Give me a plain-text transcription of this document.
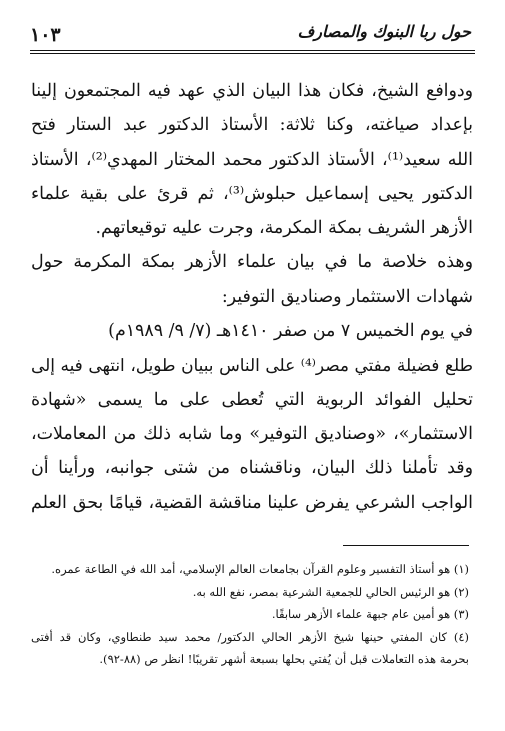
حول ربا البنوك والمصارف
١٠٣
ودوافع الشيخ، فكان هذا البيان الذي عهد فيه المجتمعون إلينا
بإعداد صياغته، وكنا ثلاثة: الأستاذ الدكتور عبد الستار فتح
الله سعيد⁽¹⁾، الأستاذ الدكتور محمد المختار المهدي⁽²⁾، الأستاذ
الدكتور يحيى إسماعيل حبلوش⁽³⁾، ثم قرئ على بقية علماء
الأزهر الشريف بمكة المكرمة، وجرت عليه توقيعاتهم.
وهذه خلاصة ما في بيان علماء الأزهر بمكة المكرمة حول
شهادات الاستثمار وصناديق التوفير:
في يوم الخميس ٧ من صفر ١٤١٠هـ (٧/ ٩/ ١٩٨٩م)
طلع فضيلة مفتي مصر⁽⁴⁾ على الناس ببيان طويل، انتهى فيه إلى
تحليل الفوائد الربوية التي تُعطى على ما يسمى «شهادة
الاستثمار»، «وصناديق التوفير» وما شابه ذلك من المعاملات،
وقد تأملنا ذلك البيان، وناقشناه من شتى جوانبه، ورأينا أن
الواجب الشرعي يفرض علينا مناقشة القضية، قيامًا بحق العلم
(١) هو أستاذ التفسير وعلوم القرآن بجامعات العالم الإسلامي، أمد الله في الطاعة عمره.
(٢) هو الرئيس الحالي للجمعية الشرعية بمصر، نفع الله به.
(٣) هو أمين عام جبهة علماء الأزهر سابقًا.
(٤) كان المفتي حينها شيخ الأزهر الحالي الدكتور/ محمد سيد طنطاوي، وكان قد أفتى
بحرمة هذه التعاملات قبل أن يُفتي بحلها بسبعة أشهر تقريبًا! انظر ص (٨٨-٩٢).
